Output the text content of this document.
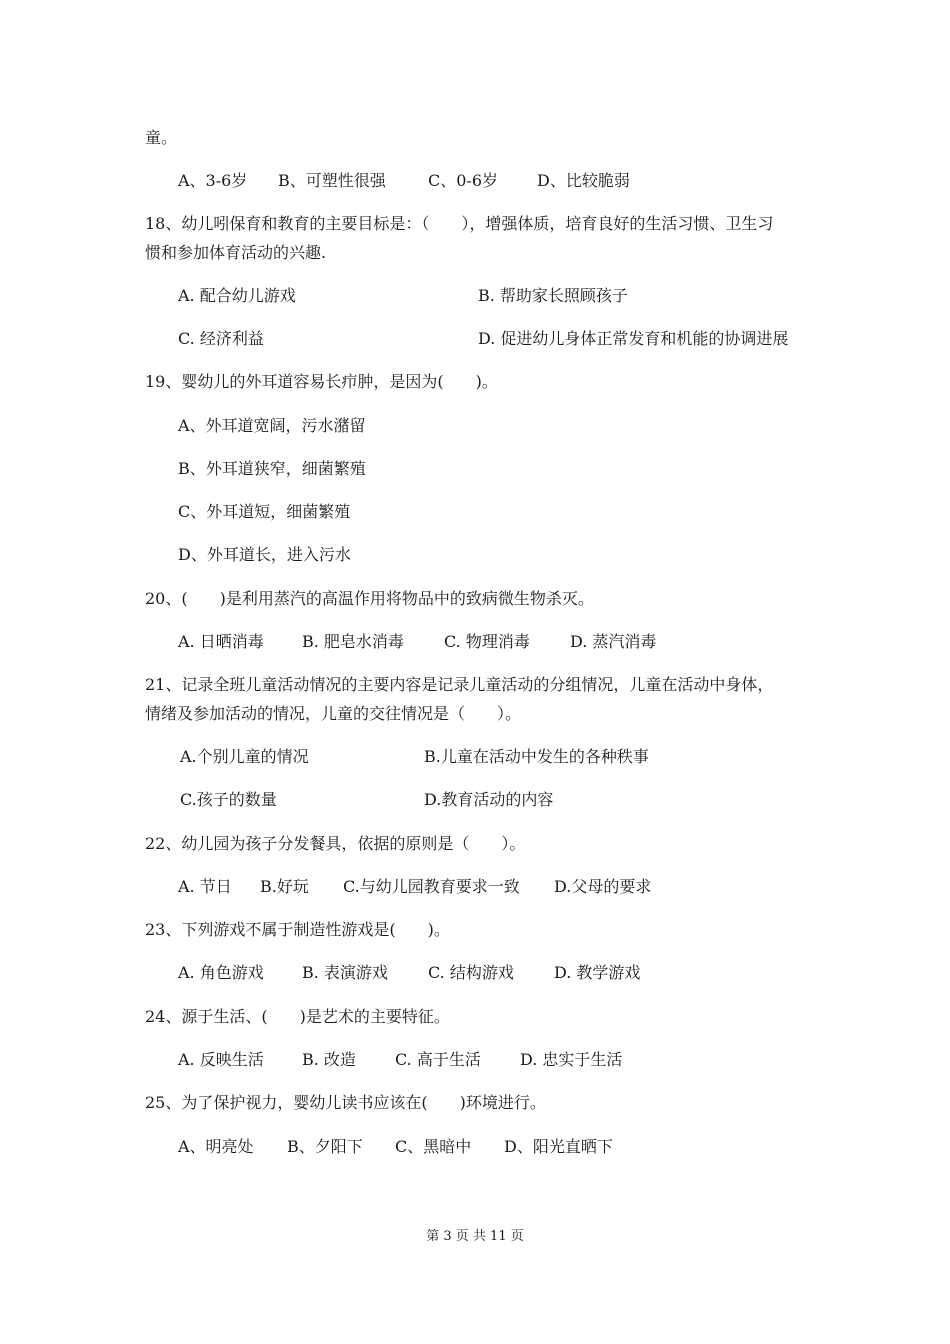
童。
A、3-6岁 B、可塑性很强	C、0-6岁 D、比较脆弱
18、幼儿吲保育和教育的主要目标是：（　　），增强体质，培育良好的生活习惯、卫生习
惯和参加体育活动的兴趣.
A. 配合幼儿游戏	B. 帮助家长照顾孩子
C. 经济利益	D. 促进幼儿身体正常发育和机能的协调进展
19、婴幼儿的外耳道容易长疖肿，是因为(　　)。
A、外耳道宽阔，污水潴留
B、外耳道狭窄，细菌繁殖
C、外耳道短，细菌繁殖
D、外耳道长，进入污水
20、(　　)是利用蒸汽的高温作用将物品中的致病微生物杀灭。
A. 日晒消毒 B. 肥皂水消毒	C. 物理消毒	D. 蒸汽消毒
21、记录全班儿童活动情况的主要内容是记录儿童活动的分组情况，儿童在活动中身体，
情绪及参加活动的情况，儿童的交往情况是（　　）。
A.个别儿童的情况	B.儿童在活动中发生的各种秩事
C.孩子的数量	D.教育活动的内容
22、幼儿园为孩子分发餐具，依据的原则是（　　）。
A. 节日 B.好玩 C.与幼儿园教育要求一致 D.父母的要求
23、下列游戏不属于制造性游戏是(　　)。
A. 角色游戏 B. 表演游戏	C. 结构游戏	D. 教学游戏
24、源于生活、(　　)是艺术的主要特征。
A. 反映生活 B. 改造 C. 高于生活 D. 忠实于生活
25、为了保护视力，婴幼儿读书应该在(　　)环境进行。
A、明亮处 B、夕阳下 C、黑暗中 D、阳光直晒下
第 3 页 共 11 页
